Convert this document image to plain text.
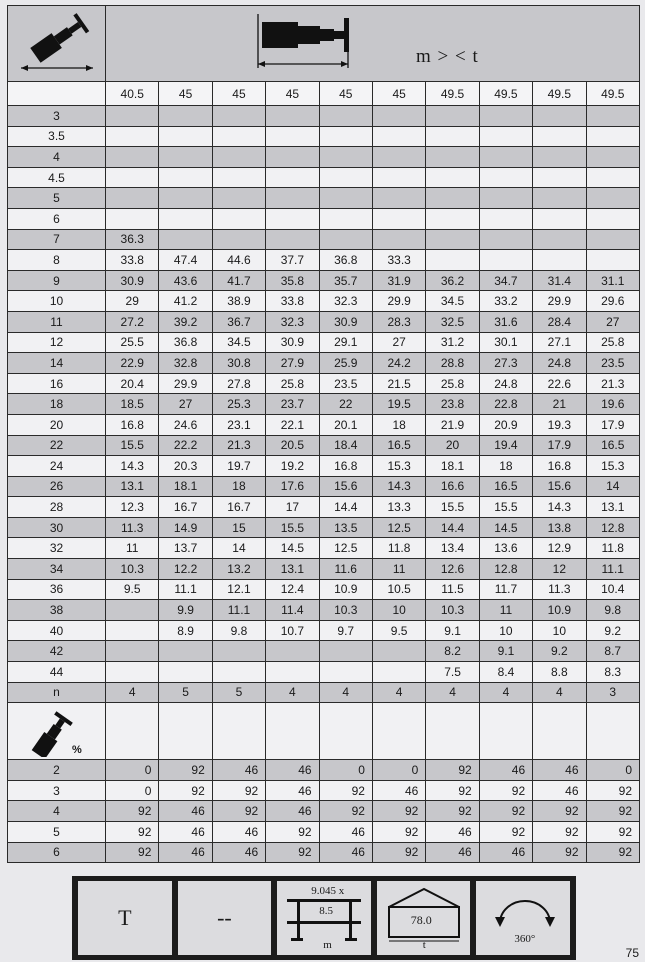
m > < t									

	40.5	45	45	45	45	45	49.5	49.5	49.5	49.5
3										
3.5										
4										
4.5										
5										
6										
7	36.3									
8	33.8	47.4	44.6	37.7	36.8	33.3				
9	30.9	43.6	41.7	35.8	35.7	31.9	36.2	34.7	31.4	31.1
10	29	41.2	38.9	33.8	32.3	29.9	34.5	33.2	29.9	29.6
11	27.2	39.2	36.7	32.3	30.9	28.3	32.5	31.6	28.4	27
12	25.5	36.8	34.5	30.9	29.1	27	31.2	30.1	27.1	25.8
14	22.9	32.8	30.8	27.9	25.9	24.2	28.8	27.3	24.8	23.5
16	20.4	29.9	27.8	25.8	23.5	21.5	25.8	24.8	22.6	21.3
18	18.5	27	25.3	23.7	22	19.5	23.8	22.8	21	19.6
20	16.8	24.6	23.1	22.1	20.1	18	21.9	20.9	19.3	17.9
22	15.5	22.2	21.3	20.5	18.4	16.5	20	19.4	17.9	16.5
24	14.3	20.3	19.7	19.2	16.8	15.3	18.1	18	16.8	15.3
26	13.1	18.1	18	17.6	15.6	14.3	16.6	16.5	15.6	14
28	12.3	16.7	16.7	17	14.4	13.3	15.5	15.5	14.3	13.1
30	11.3	14.9	15	15.5	13.5	12.5	14.4	14.5	13.8	12.8
32	11	13.7	14	14.5	12.5	11.8	13.4	13.6	12.9	11.8
34	10.3	12.2	13.2	13.1	11.6	11	12.6	12.8	12	11.1
36	9.5	11.1	12.1	12.4	10.9	10.5	11.5	11.7	11.3	10.4
38		9.9	11.1	11.4	10.3	10	10.3	11	10.9	9.8
40		8.9	9.8	10.7	9.7	9.5	9.1	10	10	9.2
42							8.2	9.1	9.2	8.7
44							7.5	8.4	8.8	8.3
n	4	5	5	4	4	4	4	4	4	3

%										

2	0	92	46	46	0	0	92	46	46	0
3	0	92	92	46	92	46	92	92	46	92
4	92	46	92	46	92	92	92	92	92	92
5	92	46	46	92	46	92	46	92	92	92
6	92	46	46	92	46	92	46	46	92	92
T	--
9.045 x
8.5
m
78.0
t	360°
75
